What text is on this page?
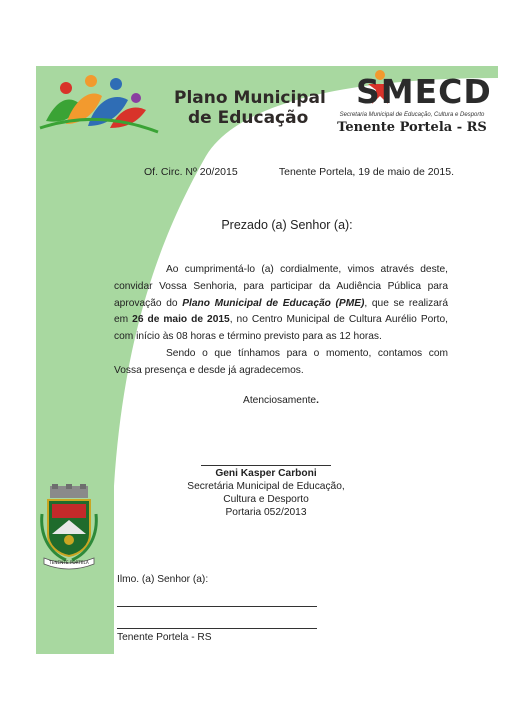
Plano Municipal
de Educação
SMECD
Secretaria Municipal de Educação, Cultura e Desporto
Tenente Portela - RS
Of. Circ. Nº 20/2015	Tenente Portela, 19 de maio de 2015.
Prezado (a) Senhor (a):

Ao cumprimentá-lo (a) cordialmente, vimos através deste, convidar Vossa Senhoria, para participar da Audiência Pública para aprovação do Plano Municipal de Educação (PME), que se realizará em 26 de maio de 2015, no Centro Municipal de Cultura Aurélio Porto, com início às 08 horas e término previsto para as 12 horas.

Sendo o que tínhamos para o momento, contamos com Vossa presença e desde já agradecemos.

Atenciosamente.
Geni Kasper Carboni
Secretária Municipal de Educação,
Cultura e Desporto
Portaria 052/2013
TENENTE PORTELA
Ilmo. (a) Senhor (a):
Tenente Portela - RS
